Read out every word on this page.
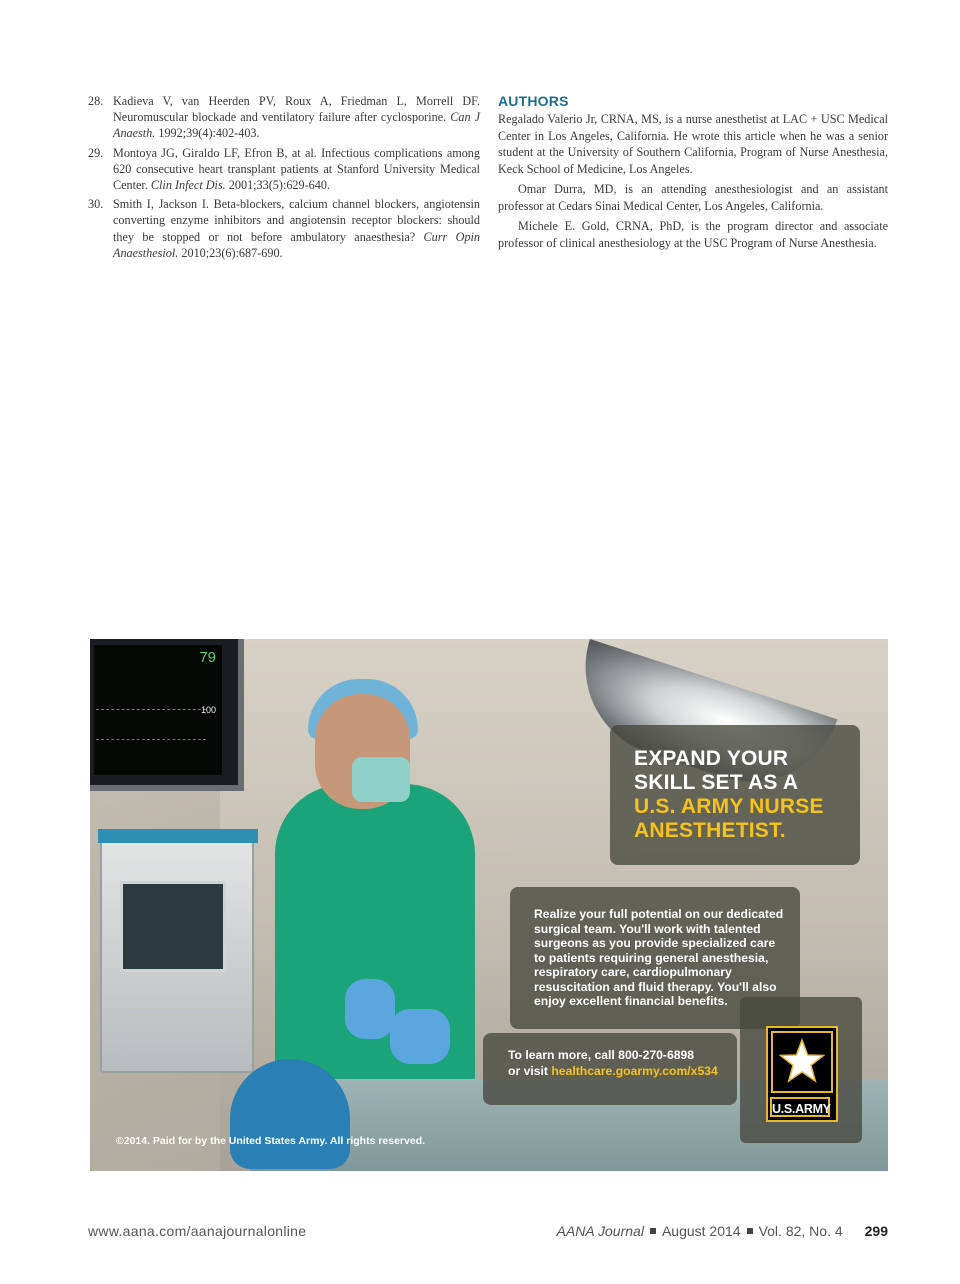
28. Kadieva V, van Heerden PV, Roux A, Friedman L, Morrell DF. Neuromuscular blockade and ventilatory failure after cyclosporine. Can J Anaesth. 1992;39(4):402-403.
29. Montoya JG, Giraldo LF, Efron B, at al. Infectious complications among 620 consecutive heart transplant patients at Stanford University Medical Center. Clin Infect Dis. 2001;33(5):629-640.
30. Smith I, Jackson I. Beta-blockers, calcium channel blockers, angiotensin converting enzyme inhibitors and angiotensin receptor blockers: should they be stopped or not before ambulatory anaesthesia? Curr Opin Anaesthesiol. 2010;23(6):687-690.
AUTHORS

Regalado Valerio Jr, CRNA, MS, is a nurse anesthetist at LAC + USC Medical Center in Los Angeles, California. He wrote this article when he was a senior student at the University of Southern California, Program of Nurse Anesthesia, Keck School of Medicine, Los Angeles.

Omar Durra, MD, is an attending anesthesiologist and an assistant professor at Cedars Sinai Medical Center, Los Angeles, California.

Michele E. Gold, CRNA, PhD, is the program director and associate professor of clinical anesthesiology at the USC Program of Nurse Anesthesia.

79
100
EXPAND YOUR
SKILL SET AS A
U.S. ARMY NURSE
ANESTHETIST.
Realize your full potential on our dedicated surgical team. You'll work with talented surgeons as you provide specialized care to patients requiring general anesthesia, respiratory care, cardiopulmonary resuscitation and fluid therapy. You'll also enjoy excellent financial benefits.
To learn more, call 800-270-6898
or visit healthcare.goarmy.com/x534
U.S.ARMY
©2014. Paid for by the United States Army. All rights reserved.
www.aana.com/aanajournalonline	AANA Journal August 2014 Vol. 82, No. 4 299
